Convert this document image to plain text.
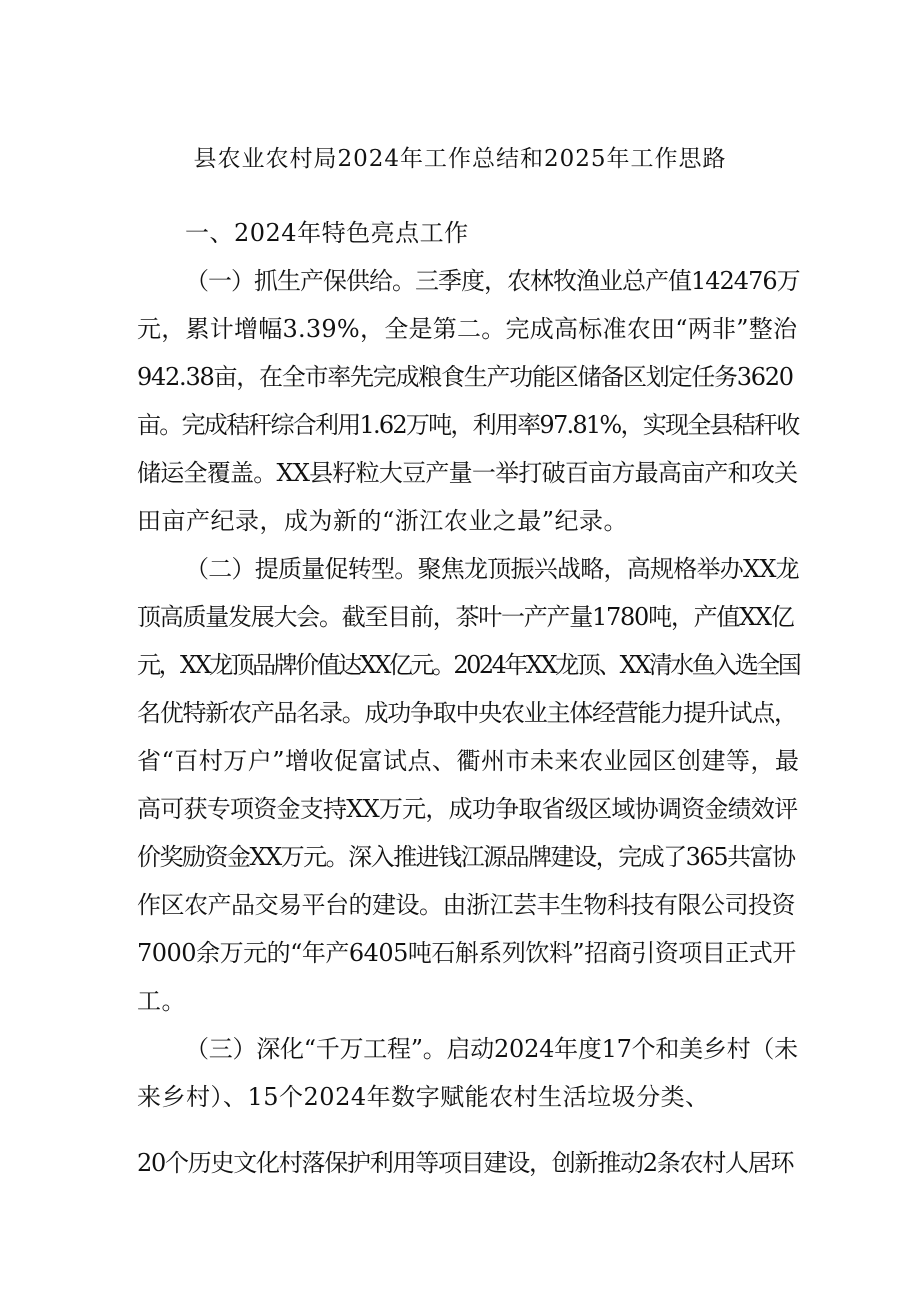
县农业农村局2024年工作总结和2025年工作思路
一、2024年特色亮点工作
（一）抓生产保供给。三季度，农林牧渔业总产值142476万
元，累计增幅3.39%，全是第二。完成高标准农田“两非”整治
942.38亩，在全市率先完成粮食生产功能区储备区划定任务3620
亩。完成秸秆综合利用1.62万吨，利用率97.81%，实现全县秸秆收
储运全覆盖。XX县籽粒大豆产量一举打破百亩方最高亩产和攻关
田亩产纪录，成为新的“浙江农业之最”纪录。
（二）提质量促转型。聚焦龙顶振兴战略，高规格举办XX龙
顶高质量发展大会。截至目前，茶叶一产产量1780吨，产值XX亿
元，XX龙顶品牌价值达XX亿元。2024年XX龙顶、XX清水鱼入选全国
名优特新农产品名录。成功争取中央农业主体经营能力提升试点，
省“百村万户”增收促富试点、衢州市未来农业园区创建等，最
高可获专项资金支持XX万元，成功争取省级区域协调资金绩效评
价奖励资金XX万元。深入推进钱江源品牌建设，完成了365共富协
作区农产品交易平台的建设。由浙江芸丰生物科技有限公司投资
7000余万元的“年产6405吨石斛系列饮料”招商引资项目正式开
工。
（三）深化“千万工程”。启动2024年度17个和美乡村（未
来乡村）、15个2024年数字赋能农村生活垃圾分类、
20个历史文化村落保护利用等项目建设，创新推动2条农村人居环
